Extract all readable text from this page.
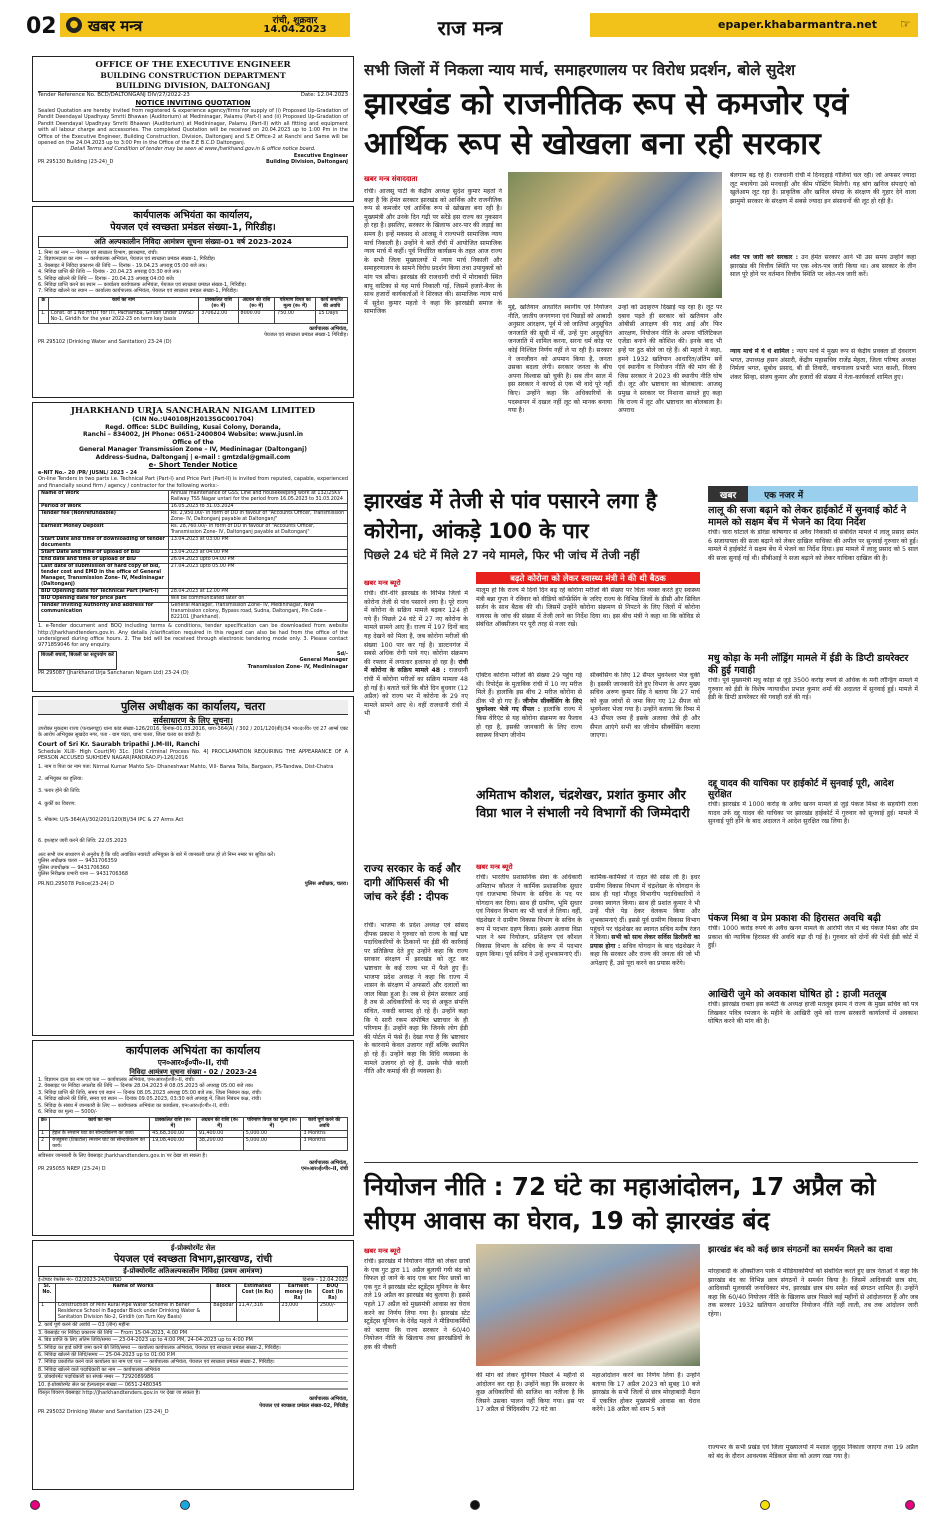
02	● खबर मन्त्र	रांची, शुक्रवार
14.04.2023	राज मन्त्र	epaper.khabarmantra.net ☞
OFFICE OF THE EXECUTIVE ENGINEER
BUILDING CONSTRUCTION DEPARTMENT
BUILDING DIVISION, DALTONGANJ
Tender Reference No. BCD/DALTONGANJ DIV/27/2022-23	Date: 12.04.2023
NOTICE INVITING QUOTATION
Sealed Quotation are hereby invited from registered & experience agency/firms for supply of (i) Proposed Up-Gradation of Pandit Deendayal Upadhyay Smriti Bhawan (Auditorium) at Medininagar, Palamu (Part-I) and (ii) Proposed Up-Gradation of Pandit Deendayal Upadhyay Smriti Bhawan (Auditorium) at Medininagar, Palamu (Part-II) with all fitting and equipment with all labour charge and accessories. The completed Quotation will be received on 20.04.2023 up to 1:00 Pm in the Office of the Executive Engineer, Building Construction, Division, Daltonganj and S.E Office-2 at Ranchi and Same will be opened on the 24.04.2023 up to 3:00 Pm in the Office of the E.E B.C.D Daltonganj.
Detail Terms and Condition of tender may be seen at www.jharkhand.gov.in & office notice board.
Executive Engineer
PR 295130 Building (23-24)_D	Building Division, Daltonganj
कार्यपालक अभियंता का कार्यालय,
पेयजल एवं स्वच्छता प्रमंडल संख्या-1, गिरिडीह।
अति अल्पकालीन निविदा आमंत्रण सूचना संख्या-01 वर्ष 2023-2024
1. निमा का नाम — पेयजल एवं स्वच्छता विभाग, झारखण्ड, रांची।
2. विज्ञापनदाता का नाम — कार्यपालक अभियंता, पेयजल एवं स्वच्छता प्रमंडल संख्या-1, गिरिडीह।
3. वेबसाइट में निविदा प्रकाशन की तिथि — दिनांक - 19.04.23 अपराह्न 05:00 बजे तक।
4. निविदा प्राप्ति की तिथि — दिनांक - 20.04.23 अपराह्न 03:30 बजे तक।
5. निविदा खोलने की तिथि — दिनांक - 20.04.23 अपराह्न 04:00 बजे।
6. निविदा प्राप्ति करने का स्थान — कार्यालय कार्यपालक अभियंता, पेयजल एवं स्वच्छता प्रमंडल संख्या-1, गिरिडीह।
7. निविदा खोलने का स्थान — कार्यालय कार्यपालक अभियंता, पेयजल एवं स्वच्छता प्रमंडल संख्या-1, गिरिडीह।
क्र	कार्य का नाम	प्राक्कलित राशि (रु० में)	अग्रधन की राशि (रु० में)	परिमाण विपत्र का मूल्य (रु० में)	कार्य समाप्ति की अवधि
1.	Const. of 1 No HYDT for ITI, Pachamba, Giridih under DWSD No-1, Giridih for the year 2022-23 on term key basis	370622.00	8000.00	750.00	15 Days
कार्यपालक अभियंता,
पेयजल एवं स्वच्छता प्रमंडल संख्या-1 गिरिडीह।
PR 295102 (Drinking Water and Sanitation) 23-24 (D)
JHARKHAND URJA SANCHARAN NIGAM LIMITED
(CIN No.:U40108JH2013SGC001704)
Regd. Office: SLDC Building, Kusai Colony, Doranda,
Ranchi – 834002, JH Phone: 0651-2400804 Website: www.jusnl.in
Office of the
General Manager Transmission Zone – IV, Medininagar (Daltonganj)
Address-Sudna, Daltonganj | e-mail : gmtzdal@gmail.com
e- Short Tender Notice
e-NIT No.- 20 /PR/ JUSNL/ 2023 – 24
On-line Tenders in two parts i.e. Technical Part (Part-I) and Price Part (Part-II) is invited from reputed, capable, experienced and financially sound firm / agency / contractor for the following works:-
Name of Work	Annual maintenance of GSS, Line and housekeeping work at 132/25KV Railway TSS Nagar untari for the period from 16.05.2023 to 31.03.2024
Period of Work	16.05.2023 to 31.03.2024
Tender fee (Nonrefundable)	Rs. 2,950.00/- in form of DD in favour of "Accounts Officer, Transmission Zone- IV, Daltonganj payable at Daltonganj"
Earnest Money Deposit	Rs. 28,760.00/- in form of DD in favour of "Accounts Officer, Transmission Zone- IV, Daltonganj payable at Daltonganj"
Start Date and time of downloading of tender documents	13.04.2023 at 03:00 PM
Start Date and time of upload of BID	13.04.2023 at 04:00 PM
End date and time of upload of BID	26.04.2023 upto 04:00 PM
Last date of submission of hard copy of bid, tender cost and EMD in the office of General Manager, Transmission Zone- IV, Medininagar (Daltonganj)	27.04.2023 upto 05.00 PM
BID Opening date for Technical Part (Part-I)	28.04.2023 at 12.00 PM
BID Opening date for price part	Will be communicated later on
Tender Inviting Authority and address for communication	General Manager, Transmission Zone- IV, Medininagar, New transmission colony, Bypass road, Sudna, Daltonganj, Pin Code – 822101 (Jharkhand).
1. e-Tender document and BOQ including terms & conditions, tender specification can be downloaded from website http://jharkhandtenders.gov.in. Any details /clarification required in this regard can also be had from the office of the undersigned during office hours. 2. The bid will be received through electronic tendering mode only. 3. Please contact 9771859046 for any enquiry.
बिजली बचायें, बिजली का सदुपयोग करें	Sd/-
General Manager
Transmission Zone- IV, Medininagar
PR 295087 (Jharkhand Urja Sancharan Nigam Ltd) 23-24 (D)
पुलिस अधीक्षक का कार्यालय, चतरा
सर्वसाधारण के लिए सूचना।
उपरोक्त मुकदमा राज्य (पत्थलगड्डा) थाना कांड संख्या-126/2016, दिनांक-01.03.2016, धारा-364(A) / 302 / 201/120(बी)/34 भा०द०वि० एवं 27 आर्म्स एक्ट के आरोप अभियुक्त सुखदेव नगर, पता - ग्राम पंदरा, थाना चतरा, जिला चतरा का वारंटी है।
Court of Sri Kr. Saurabh tripathi J.M-III, Ranchi
Schedule XLIII- High Court(M) 31c. [Old Criminal Process No. 4] PROCLAMATION REQUIRING THE APPEARANCE OF A PERSON ACCUSED SUKHDEV NAGAR(PANDRAO.P)-126/2016
1. नाम व पिता का नाम पता: Nirmal Kumar Mahto S/o- Dhaneshwar Mahto, Vill- Barwa Tolla, Bargaon, PS-Tandwa, Dist-Chatra
2. अभियुक्त का हुलिया:
3. फरार होने की तिथि:
4. कुर्की का विवरण:
5. मोकाम: U/S-364(A)/302/201/120(B)/34 IPC & 27 Arms Act
6. इश्तहार जारी करने की तिथि: 22.05.2023
अतः सभी जन साधारण से अनुरोध है कि यदि अवांछित नवारंटी अभियुक्त के बारे में जानकारी प्राप्त हो तो निम्न नम्बर पर सूचित करें।
पुलिस अधीक्षक चतरा — 9431706359
पुलिस उपाधीक्षक — 9431706360
पुलिस निरीक्षक प्रभारी थाना — 9431706368
PR.NO.295078 Police(23-24) D	पुलिस अधीक्षक, चतरा।
कार्यपालक अभियंता का कार्यालय
एन०आर०ई०पी०-II, रांची
निविदा आमंत्रण सूचना संख्या - 02 / 2023-24
1. विज्ञापन दाता का नाम एवं पता — कार्यपालक अभियंता, एन०आर०ई०पी०-II, रांची।
2. वेबसाइट पर निविदा अपलोड की तिथि — दिनांक 28.04.2023 से 08.05.2023 को अपराह्न 05:00 बजे तक।
3. निविदा प्राप्ति की तिथि, समय एवं स्थान — दिनांक 08.05.2023 अपराह्न 05:00 बजे तक, जिला निबंधन कक्ष, रांची।
4. निविदा खोलने की तिथि, समय एवं स्थान — दिनांक 09.05.2023, 03:30 बजे अपराह्न में, जिला निबंधन कक्ष, रांची।
5. निविदा के संबंध में जानकारी के लिए — कार्यपालक अभियंता का कार्यालय, एन०आर०ई०पी०-II, रांची।
6. निविदा का मूल्य — 5000/-
क्र०	कार्य का नाम	प्राक्कलित राशि (रु० में)	अग्रधन की राशि (रु० में)	परिमाण विपत्र का मूल्य (रु० में)	कार्य पूर्ण करने की अवधि
1	हेहल के श्मशान घाट का सौन्दर्यीकरण का कार्य।	45,68,300.00	91,400.00	5,000.00	3 Months
2	राजडुमरा (टिकटॉल) श्मशान घाट का सौन्दर्यीकरण का कार्य।	19,08,400.00	38,200.00	5,000.00	3 Months
सविस्तार जानकारी के लिए वेबसाइट jharkhandtenders.gov.in पर देखा जा सकता है।
कार्यपालक अभियंता,
PR 295055 NREP (23-24) D	एन०आर०ई०पी०-II, रांची
ई-प्रोक्योरमेंट सेल
पेयजल एवं स्वच्छता विभाग,झारखण्ड, रांची
ई-प्रोक्योरमेंट अतिअल्पकालीन निविदा (प्रथम आमंत्रण)
ई-टेण्डर रेफरेंस नं०- 02/2023-24/DWSD	दिनांक - 12.04.2023
Sl. No.	Name of Works	Block	Estimated Cost (In Rs)	Earnest money (In Rs)	BOQ Cost (In Rs)
1	Construction of Mini Rural Pipe Water Scheme in Beher Residence School in Bagodar Block under Drinking Water & Sanitation Division No-2, Giridih (on Turn Key Basis)	Bagodar	11,47,316	23,000	2500/-
2. कार्य पूर्ण करने की अवधि — 03 (तीन) महीना
3. वेबसाईट पर निविदा प्रकाशन की तिथि — From 15-04-2023, 4:00 PM
4. बिड प्राप्ति के लिए अंतिम तिथि/समय — 23-04-2023 up to 4:00 PM, 24-04-2023 up to 4:00 PM
5. निविदा का हार्ड कॉपी जमा करने की तिथि/समय — कार्यालय कार्यपालक अभियंता, पेयजल एवं स्वच्छता प्रमंडल संख्या-2, गिरिडीह।
6. निविदा खोलने की तिथि/समय — 25-04-2023 up to 01:00 P.M
7. निविदा प्रकाशित करने वाले कार्यालय का नाम एवं पता — कार्यपालक अभियंता, पेयजल एवं स्वच्छता प्रमंडल संख्या-2, गिरिडीह।
8. निविदा खोलने वाले पदाधिकारी का नाम — कार्यपालक अभियंता
9. प्रोक्योरमेंट पदाधिकारी का संपर्क नम्बर — 7292089986
10. ई-प्रोक्योरमेंट सेल का हेल्पलाइन संख्या — 0651-2480345
विस्तृत विवरण वेबसाइट http://jharkhandtenders.gov.in पर देखा जा सकता है।
कार्यपालक अभियंता,
पेयजल एवं स्वच्छता प्रमंडल संख्या-02, गिरिडीह
PR 295032 Drinking Water and Sanitation (23-24)_D
सभी जिलों में निकला न्याय मार्च, समाहरणालय पर विरोध प्रदर्शन, बोले सुदेश
झारखंड को राजनीतिक रूप से कमजोर एवं आर्थिक रूप से खोखला बना रही सरकार
खबर मन्त्र संवाददाता
रांची। आजसू पार्टी के केंद्रीय अध्यक्ष सुदेश कुमार महतो ने कहा है कि हेमंत सरकार झारखंड को आर्थिक और राजनीतिक रूप से कमजोर एवं आर्थिक रूप से खोखला बना रही है। मुख्यमंत्री और उनके दिन गढ़ी पर सरेंडे इस राज्य का नुकसान हो रहा है। इसलिए, सरकार के खिलाफ आर-पार की लड़ाई का समय है। इन्हें मकसद से आजसू ने राज्यभरी सामाजिक न्याय मार्च निकाली है। उन्होंने ये बातें राँची में आयोजित सामाजिक न्याय मार्च में कहीं। पूर्व निर्धारित कार्यक्रम के तहत आज राज्य के सभी जिला मुख्यालयों में न्याय मार्च निकाली और समाहरणालय के सामने विरोध प्रदर्शन किया तथा उपायुक्तों को मांग पत्र सौंपा। झारखंड की राजधानी रांची में मोराबादी स्थित बापू वाटिका से यह मार्च निकाली गई, जिसमें हजारे-बैनर के साथ हजारों कार्यकर्ताओं ने शिरकत की। सामाजिक न्याय मार्च में सुदेश कुमार महतो ने कहा कि झारखंडी समाज के सामाजिक
मुद्दे, खतियान आधारित स्थानीय एवं नियोजन नीति, जातीय जनगणना एवं पिछड़ों को आबादी अनुसार आरक्षण, पूर्व में जो जातियां अनुसूचित जनजाति की सूची में थीं, उन्हें पुनः अनुसूचित जनजाति में शामिल करना, सरना धर्म कोड़ पर कोई निश्चित निर्णय नहीं ले पा रही है। सरकार ने जनजीवन को अपमान किया है, जनता उसका बदला लेगी। सरकार जनता के बीच अपना विश्वास खो चुकी है। सब तीन साल में इस सरकार ने कायदे से एक भी वादे पूरे नहीं किए। उन्होंने कहा कि अधिकारियों के पदस्थापन में दखल नहीं लूट को मानक बनाया गया है।
उन्हों को उदाहरण दिखाई पड़ रहा है। लूट पर दबाव पड़ते ही सरकार को खतियान और ओबीसी आरक्षण की याद आई और फिर आरक्षण, नियोजन नीति के अपना पॉलिटिकल एजेंडा बनाने की कोशिश की। इनके बाद भी इन्हें पर ठुठ बोले जा रहे हैं। श्री महतो ने कहा, हमने 1932 खतियान आधारित/अंतिम सर्वे एवं स्थानीय व नियोजन नीति की मांग की है जिस सरकार ने 2023 की स्थानीय नीति घोष दी। लूट और भ्रष्टाचार का बोलबाला: आजसू प्रमुख ने सरकार पर निशाना साधते हुए कहा कि राज्य में लूट और भ्रष्टाचार का बोलबाला है। अपराध
बेलगाम बढ़ रहे हैं। राजधानी रांची में दिनदहाड़े गोलियां चल रही। जो अफसर ज्यादा लूट मचायेगा उसे मनचाही और कीम पोस्टिंग मिलेगी। यह बांग खनिज संपदाएं को खुलेआम लूट रहा है। प्राकृतिक और खनिज संपदा के संरक्षण की गुहार देने वाला झामुमो सरकार के संरक्षण में सबसे ज्यादा इन संसाधनों की लूट हो रही है।
श्वेत पत्र जारी करे सरकार : उन हेमंत सरकार आने भी उस समय उन्होंने कहा झारखंड की वित्तीय स्थिति पर एक श्वेत-पत्र जारी किया था। अब सरकार के तीन साल पूरे होने पर वर्तमान वित्तीय स्थिति पर श्वेत-पत्र जारी करें।
न्याय मार्च में ये थे शामिल : न्याय मार्च में मुख्य रूप से केंद्रीय प्रवक्ता डॉ देवशरण भगत, उपाध्यक्ष हसन अंसारी, केंद्रीय महासचिव राजेंद्र मेहता, जिला परिषद अध्यक्ष निर्मला भगत, सुबोध प्रसाद, बी डी तिवारी, वाचनालय प्रभारी भरत काशी, विजय शंकर सिन्हा, संजय कुमार और हजारों की संख्या में नेता-कार्यकर्ता शामिल हुए।
झारखंड में तेजी से पांव पसारने लगा है कोरोना, आंकड़े 100 के पार
पिछले 24 घंटे में मिले 27 नये मामले, फिर भी जांच में तेजी नहीं
खबर मन्त्र ब्यूरो	बढ़ते कोरोना को लेकर स्वास्थ्य मंत्री ने की थी बैठक
मालूम हो कि राज्य में दिनों दिन बढ़ रहे कोरोना मरीजों की संख्या पर चिंता व्यक्त करते हुए स्वास्थ्य मंत्री बन्ना गुप्ता ने रविवार को वीडियो कॉन्फ्रेंसिंग के जरिए राज्य के विभिन्न जिलों के डीसी और सिविल सर्जन के साथ बैठक की थी। जिसमें उन्होंने कोरोना संक्रमण से निपटने के लिए जिलों में कोरोना वायरस के जांच की संख्या में तेजी लाने का निर्देश दिया था। इस बीच मंत्री ने कहा था कि कोविड से संबंधित ऑक्सीजन पर पूरी तरह से नजर रखें।
रांची। धीरे-धीरे झारखंड के विभिन्न जिलों में कोरोना तेजी से पांव पसारने लगा है। पूरे राज्य में कोरोना के सक्रिय मामले बढ़कर 124 हो गये हैं। पिछले 24 घंटे में 27 नए कोरोना के मामले सामने आए हैं। राज्य में 197 दिनों बाद यह देखने को मिला है, जब कोरोना मरीजों की संख्या 100 पार कर गई है। डाल्टनगंज में सबसे अधिक रोगी पाये गए। कोरोना संक्रमण की रफ्तार में लगातार इजाफा हो रहा है। रांची में कोरोना के सक्रिय मामले 48 : राजधानी रांची में कोरोना मरीजों का सक्रिय मामला 48 हो गई है। बताते चलें कि बीते दिन बुधवार (12 अप्रैल) को राज्य भर में कोरोना के 29 नए मामले सामने आए थे। वहीं राजधानी रांची में भी
एक्टिव कोरोना मरीजों की संख्या 29 पहुंच गई थी। रिपोर्ट्स के मुताबिक रांची में 10 नए मरीज मिले हैं। हालांकि इस बीच 2 मरीज कोरोना से ठीक भी हो गए हैं। जीनोम सीक्वेंसिंग के लिए भुवनेश्वर भेजे गए सैंपल : हालांकि राज्य में किस वेरिएंट से यह कोरोना संक्रमण का फैलाव हो रहा है, इसकी जानकारी के लिए राज्य स्वास्थ्य विभाग जीनोम
सीक्वेंसिंग के लिए 12 सैंपल भुवनेश्वर भेज चुकी है। इसकी जानकारी देते हुए विभाग के अपर मुख्य सचिव अरुण कुमार सिंह ने बताया कि 27 मार्च को कुछ जांचों से जमा किए गए 12 सैंपल को भुवनेश्वर भेजा गया है। उन्होंने बताया कि रिम्स में 43 सैंपल जमा हैं इसके अलावा जैसे ही और सैंपल आएंगे सभी का जीनोम सीक्वेंसिंग कराया जाएगा।
राज्य सरकार के कई और दागी ऑफिसर्स की भी जांच करे ईडी : दीपक
रांची। भाजपा के प्रदेश अध्यक्ष एवं सांसद दीपक प्रकाश ने गुरुवार को राज्य के कई भ्रष्ट पदाधिकारियों के ठिकानों पर ईडी की कार्रवाई पर प्रतिक्रिया देते हुए उन्होंने कहा कि राज्य सरकार संरक्षण में झारखंड को लूट कर भ्रष्टाचार के कई राज्य भर में फैले हुए हैं। भाजपा प्रदेश अध्यक्ष ने कहा कि राज्य में शासन के संरक्षण में अफसरों और दलालों का जाल बिछा हुआ है। जब से हेमंत सरकार आई है तब से अधिकारियों के पद से अकूत संपत्ति संचित, नकदी बरामद हो रहे हैं। उन्होंने कहा कि ये सारी रकम संपोषित भ्रष्टाचार के ही परिणाम हैं। उन्होंने कहा कि जिनके लोग ईडी की पोर्टल में फंसे हैं। देखा गया है कि भ्रष्टाचार के कारनामे केवल उजागर नहीं बल्कि स्थापित हो रहे हैं। उन्होंने कहा कि विधि व्यवस्था के मामले उजागर हो रहे हैं, उसके पीछे काली नीति और कमाई की ही व्यवस्था है।
अमिताभ कौशल, चंद्रशेखर, प्रशांत कुमार और विप्रा भाल ने संभाली नये विभागों की जिम्मेदारी
खबर मन्त्र ब्यूरो
रांची। भारतीय प्रशासनिक सेवा के अधिकारी अमिताभ कौशल ने कार्मिक प्रशासनिक सुधार एवं राजभाषा विभाग के सचिव के पद पर योगदान कर दिया। साथ ही ग्रामीण, भूमि सुधार एवं निबंधन विभाग का भी चार्ज ले लिया। वहीं, चंद्रशेखर ने ग्रामीण विकास विभाग के सचिव के रूप में पदभार ग्रहण किया। इसके अलावा विप्रा भाल ने श्रम नियोजन, प्रशिक्षण एवं कौशल विकास विभाग के सचिव के रूप में पदभार ग्रहण किया। पूर्व सचिव ने उन्हें शुभकामनाएं दीं।
कार्मिक-कार्मिकों ने राहत की सांस ली है। इधर ग्रामीण विकास विभाग में चंद्रशेखर के योगदान के साथ ही यहां मौजूद विभागीय पदाधिकारियों ने उनका स्वागत किया। साथ ही प्रशांत कुमार ने भी उन्हें पीले पेड़ देकर वेलकम किया और शुभकामनाएं दीं। इससे पूर्व ग्रामीण विकास विभाग पहुंचने पर चंद्रशेखर का स्वागत सचिव मनीष रंजन ने किया। सभी को साथ लेकर सर्विस डिलीवरी का प्रयास होगा : सचिव योगदान के बाद चंद्रशेखर ने कहा कि सरकार और राज्य की जनता की जो भी अपेक्षाएं हैं, उसे पूरा करने का प्रयास करेंगे।
खबर	एक नजर में
लालू की सजा बढ़ाने को लेकर हाईकोर्ट में सुनवाई कोर्ट ने मामले को सक्षम बेंच में भेजने का दिया निर्देश
रांची। चारा घोटाले के डोरंडा कोषागार से अवैध निकासी से संबंधित मामले में लालू प्रसाद समेत 6 सजायाफ्ता की सजा बढ़ाने को लेकर दाखिल याचिका की अपील पर सुनवाई गुरुवार को हुई। मामले में हाईकोर्ट ने सक्षम बेंच में भेजने का निर्देश दिया। इस मामले में लालू प्रसाद को 5 साल की सजा सुनाई गई थी। सीबीआई ने सजा बढ़ाने को लेकर याचिका दाखिल की है।
मधु कोड़ा के मनी लॉड्रिंग मामले में ईडी के डिप्टी डायरेक्टर की हुई गवाही
रांची। पूर्व मुख्यमंत्री मधु कोड़ा से जुड़े 3500 करोड़ रुपये से अधिक के मनी लॉन्ड्रिंग मामले में गुरुवार को ईडी के विशेष न्यायाधीश प्रभात कुमार शर्मा की अदालत में सुनवाई हुई। मामले में ईडी के डिप्टी डायरेक्टर की गवाही दर्ज की गई।
दद्दू यादव की याचिका पर हाईकोर्ट में सुनवाई पूरी, आदेश सुरक्षित
रांची। झारखंड में 1000 करोड़ के अवैध खनन मामले से जुड़े पंकज मिश्रा के सहयोगी राजा यादव उर्फ दद्दू यादव की याचिका पर झारखंड हाईकोर्ट में गुरुवार को सुनवाई हुई। मामले में सुनवाई पूरी होने के बाद अदालत ने आदेश सुरक्षित रख लिया है।
पंकज मिश्रा व प्रेम प्रकाश की हिरासत अवधि बढ़ी
रांची। 1000 करोड़ रुपये के अवैध खनन मामले के आरोपी जेल में बंद पंकज मिश्रा और प्रेम प्रकाश की न्यायिक हिरासत की अवधि बढ़ा दी गई है। गुरुवार को दोनों की पेशी ईडी कोर्ट में हुई।
आखिरी जुमे को अवकाश घोषित हो : हाजी मतलूब
रांची। झारखंड राबता इस कमेटी के अध्यक्ष हाजी मतलूब इमाम ने राज्य के मुख्य सचिव को पत्र लिखकर पवित्र रमजान के महीने के आखिरी जुमे को राज्य सरकारी कार्यालयों में अवकाश घोषित करने की मांग की है।
नियोजन नीति : 72 घंटे का महाआंदोलन, 17 अप्रैल को सीएम आवास का घेराव, 19 को झारखंड बंद
खबर मन्त्र ब्यूरो
रांची। झारखंड में नियोजन नीति को लेकर छात्रों के एक गुट द्वारा 11 अप्रैल बुलायी गयी बंद को विफल हो जाने के बाद एक बार फिर छात्रों का एक गुट ने झारखंड स्टेट स्टूडेंट्स यूनियन के बैनर तले 19 अप्रैल का झारखंड बंद बुलाया है। इससे पहले 17 अप्रैल को मुख्यमंत्री आवास का घेराव करने का निर्णय लिया गया है। झारखंड स्टेट स्टूडेंट्स यूनियन के देवेंद्र महतो ने मीडियाकर्मियों को बताया कि राज्य सरकार ने 60/40 नियोजन नीति के खिलाफ तथा झारखंडियों के हक की नौकरी
की मांग को लेकर यूनियन पिछले 4 महीनों से आंदोलन कर रहा है। उन्होंने कहा कि सरकार के कुछ अधिकारियों की साजिश का नतीजा है कि जिसने उसका पालन नहीं किया गया। इस पर 17 अप्रैल से त्रिदिवसीय 72 घंटे का
महाआंदोलन करने का निर्णय लिया है। उन्होंने बताया कि 17 अप्रैल 2023 को सुबह 10 बजे झारखंड के सभी जिलों से छात्र मोरहाबादी मैदान में एकत्रित होकर मुख्यमंत्री आवास का घेराव करेंगे। 18 अप्रैल को शाम 5 बजे
झारखंड बंद को कई छात्र संगठनों का समर्थन मिलने का दावा
मोरहाबादी के ऑक्सीजन पार्क में मीडियाकर्मियों को संबोधित करते हुए छात्र नेताओं ने कहा कि झारखंड बंद का विभिन्न छात्र संगठनों ने समर्थन किया है। जिसमें आदिवासी छात्र संघ, आदिवासी मूलवासी जनाधिकार मंच, झारखंड छात्र संघ समेत कई संगठन शामिल हैं। उन्होंने कहा कि 60/40 नियोजन नीति के खिलाफ छात्र पिछले कई महीनों से आंदोलनरत हैं और जब तक सरकार 1932 खतियान आधारित नियोजन नीति नहीं लाती, तब तक आंदोलन जारी रहेगा।
राज्यभर के सभी प्रखंड एवं जिला मुख्यालयों में मशाल जुलूस निकाला जाएगा तथा 19 अप्रैल को बंद के दौरान आवश्यक मेडिकल सेवा को अलग रखा गया है।
